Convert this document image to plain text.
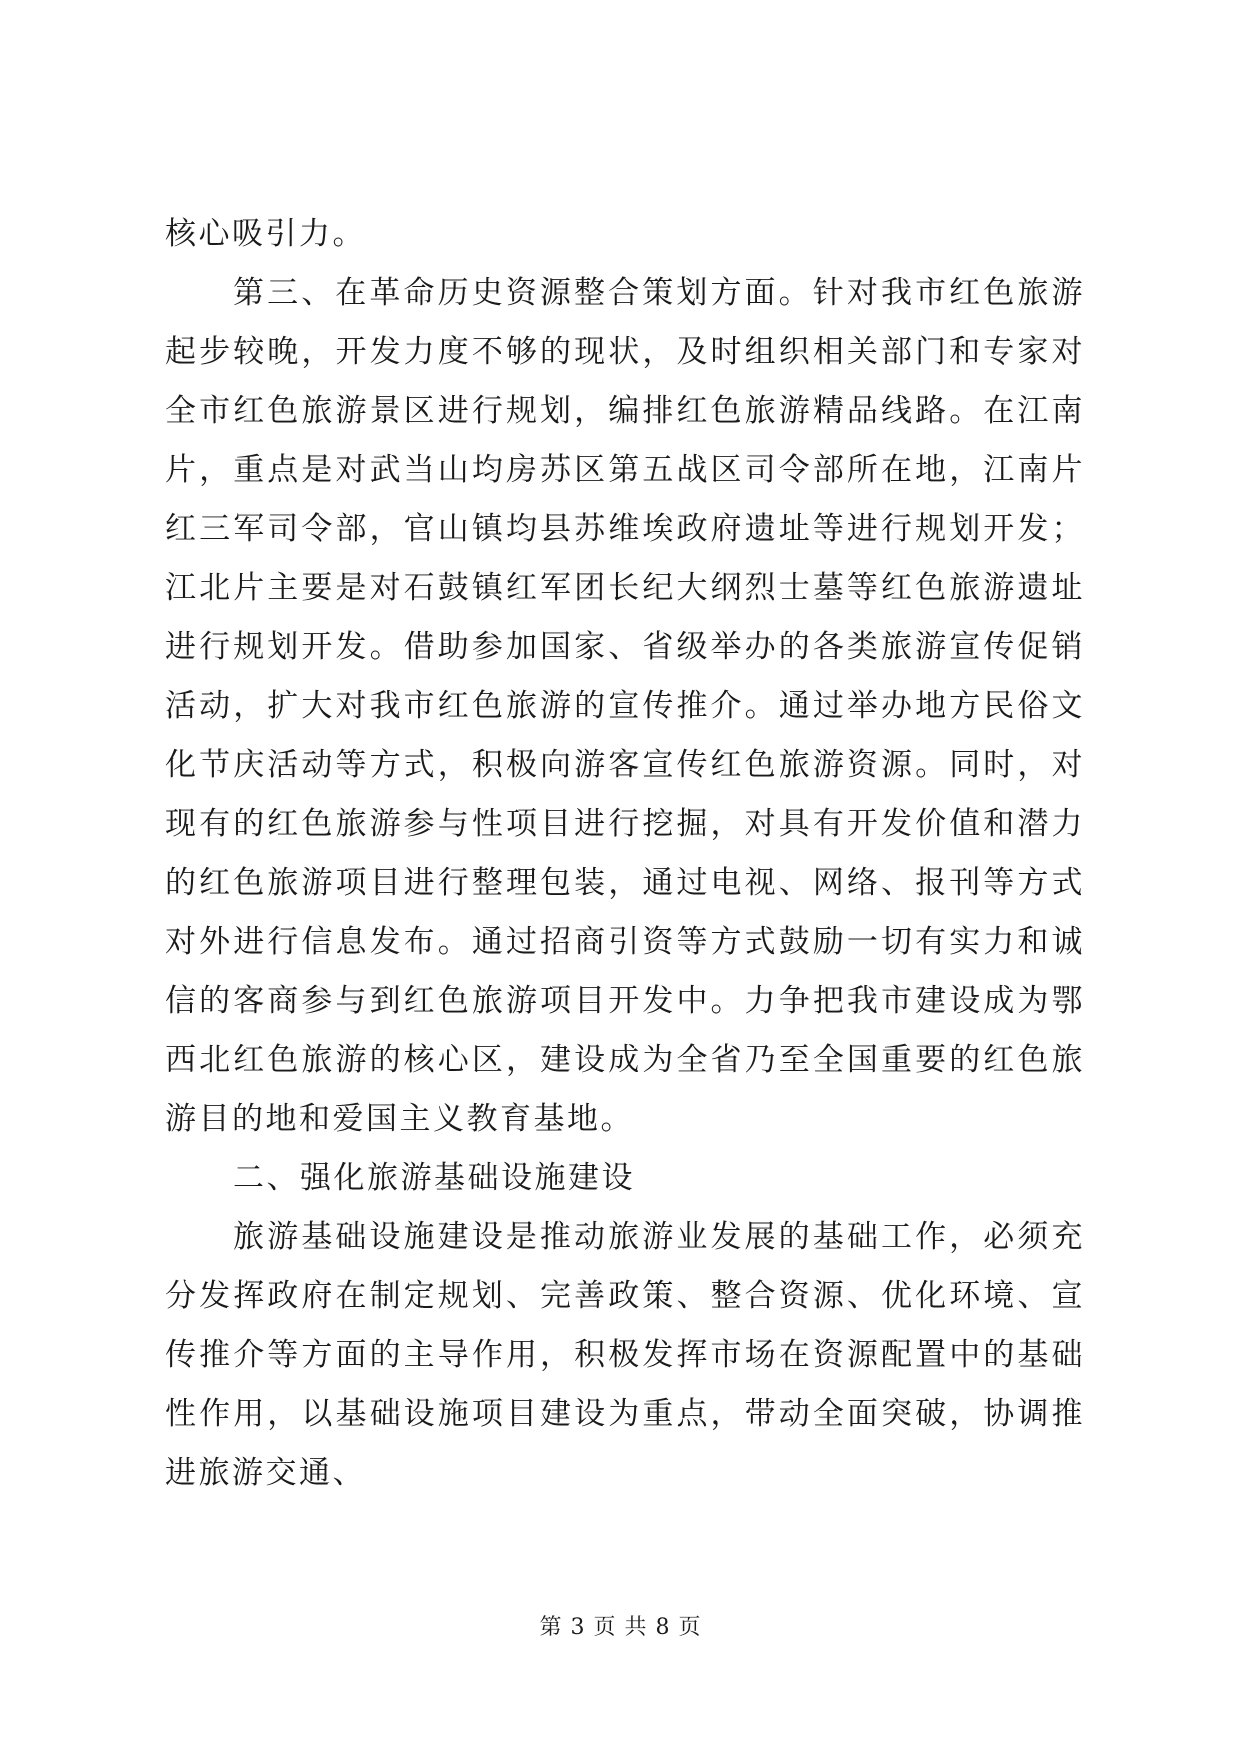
核心吸引力。

第三、在革命历史资源整合策划方面。针对我市红色旅游起步较晚，开发力度不够的现状，及时组织相关部门和专家对全市红色旅游景区进行规划，编排红色旅游精品线路。在江南片，重点是对武当山均房苏区第五战区司令部所在地，江南片红三军司令部，官山镇均县苏维埃政府遗址等进行规划开发；江北片主要是对石鼓镇红军团长纪大纲烈士墓等红色旅游遗址进行规划开发。借助参加国家、省级举办的各类旅游宣传促销活动，扩大对我市红色旅游的宣传推介。通过举办地方民俗文化节庆活动等方式，积极向游客宣传红色旅游资源。同时，对现有的红色旅游参与性项目进行挖掘，对具有开发价值和潜力的红色旅游项目进行整理包装，通过电视、网络、报刊等方式对外进行信息发布。通过招商引资等方式鼓励一切有实力和诚信的客商参与到红色旅游项目开发中。力争把我市建设成为鄂西北红色旅游的核心区，建设成为全省乃至全国重要的红色旅游目的地和爱国主义教育基地。

二、强化旅游基础设施建设

旅游基础设施建设是推动旅游业发展的基础工作，必须充分发挥政府在制定规划、完善政策、整合资源、优化环境、宣传推介等方面的主导作用，积极发挥市场在资源配置中的基础性作用，以基础设施项目建设为重点，带动全面突破，协调推进旅游交通、

第 3 页 共 8 页
